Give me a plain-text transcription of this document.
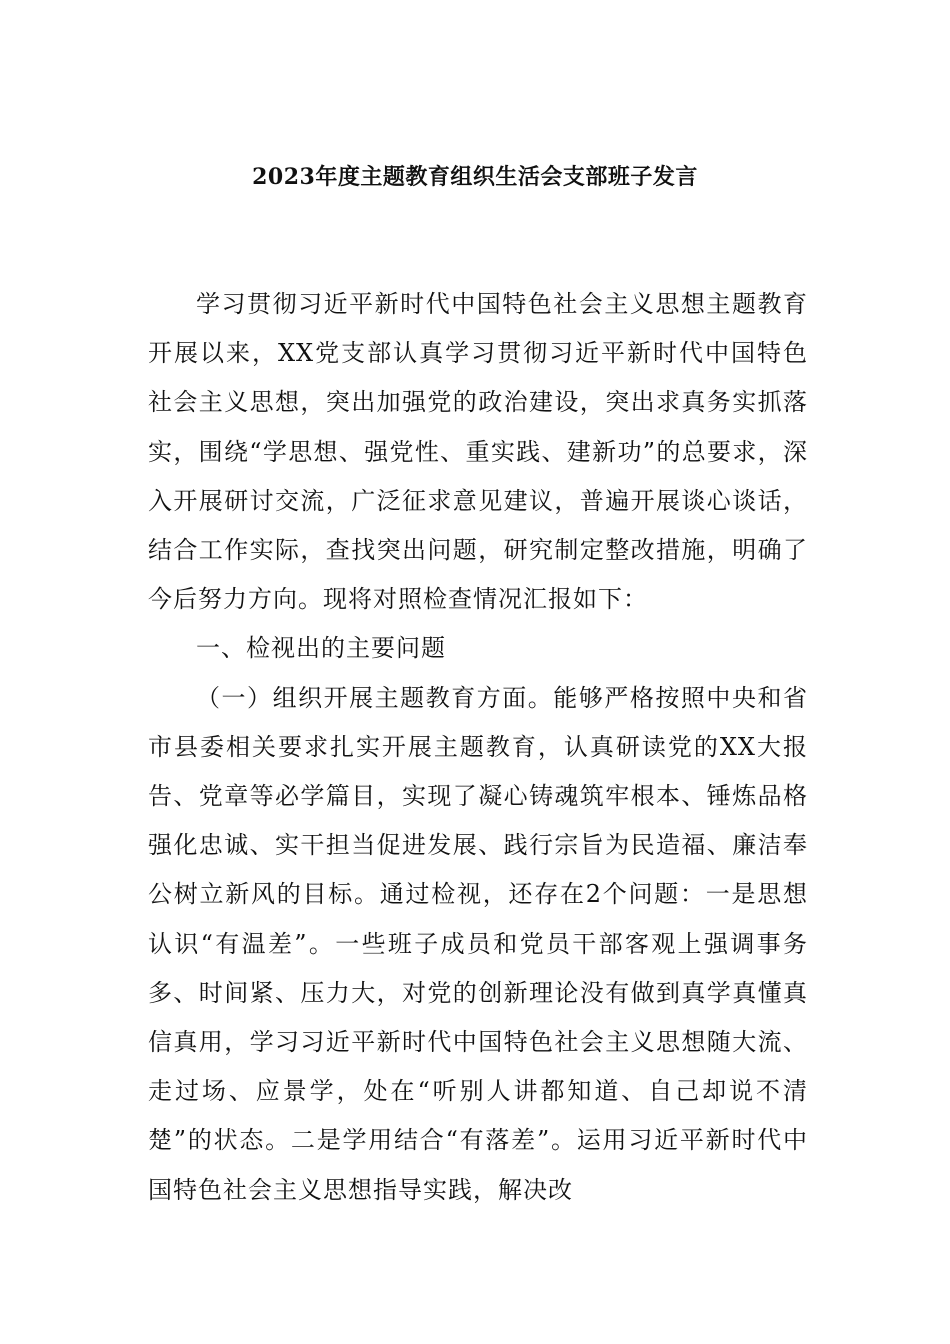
2023年度主题教育组织生活会支部班子发言

学习贯彻习近平新时代中国特色社会主义思想主题教育开展以来，XX党支部认真学习贯彻习近平新时代中国特色社会主义思想，突出加强党的政治建设，突出求真务实抓落实，围绕“学思想、强党性、重实践、建新功”的总要求，深入开展研讨交流，广泛征求意见建议，普遍开展谈心谈话，结合工作实际，查找突出问题，研究制定整改措施，明确了今后努力方向。现将对照检查情况汇报如下：

一、检视出的主要问题

（一）组织开展主题教育方面。能够严格按照中央和省市县委相关要求扎实开展主题教育，认真研读党的XX大报告、党章等必学篇目，实现了凝心铸魂筑牢根本、锤炼品格强化忠诚、实干担当促进发展、践行宗旨为民造福、廉洁奉公树立新风的目标。通过检视，还存在2个问题：一是思想认识“有温差”。一些班子成员和党员干部客观上强调事务多、时间紧、压力大，对党的创新理论没有做到真学真懂真信真用，学习习近平新时代中国特色社会主义思想随大流、走过场、应景学，处在“听别人讲都知道、自己却说不清楚”的状态。二是学用结合“有落差”。运用习近平新时代中国特色社会主义思想指导实践，解决改
